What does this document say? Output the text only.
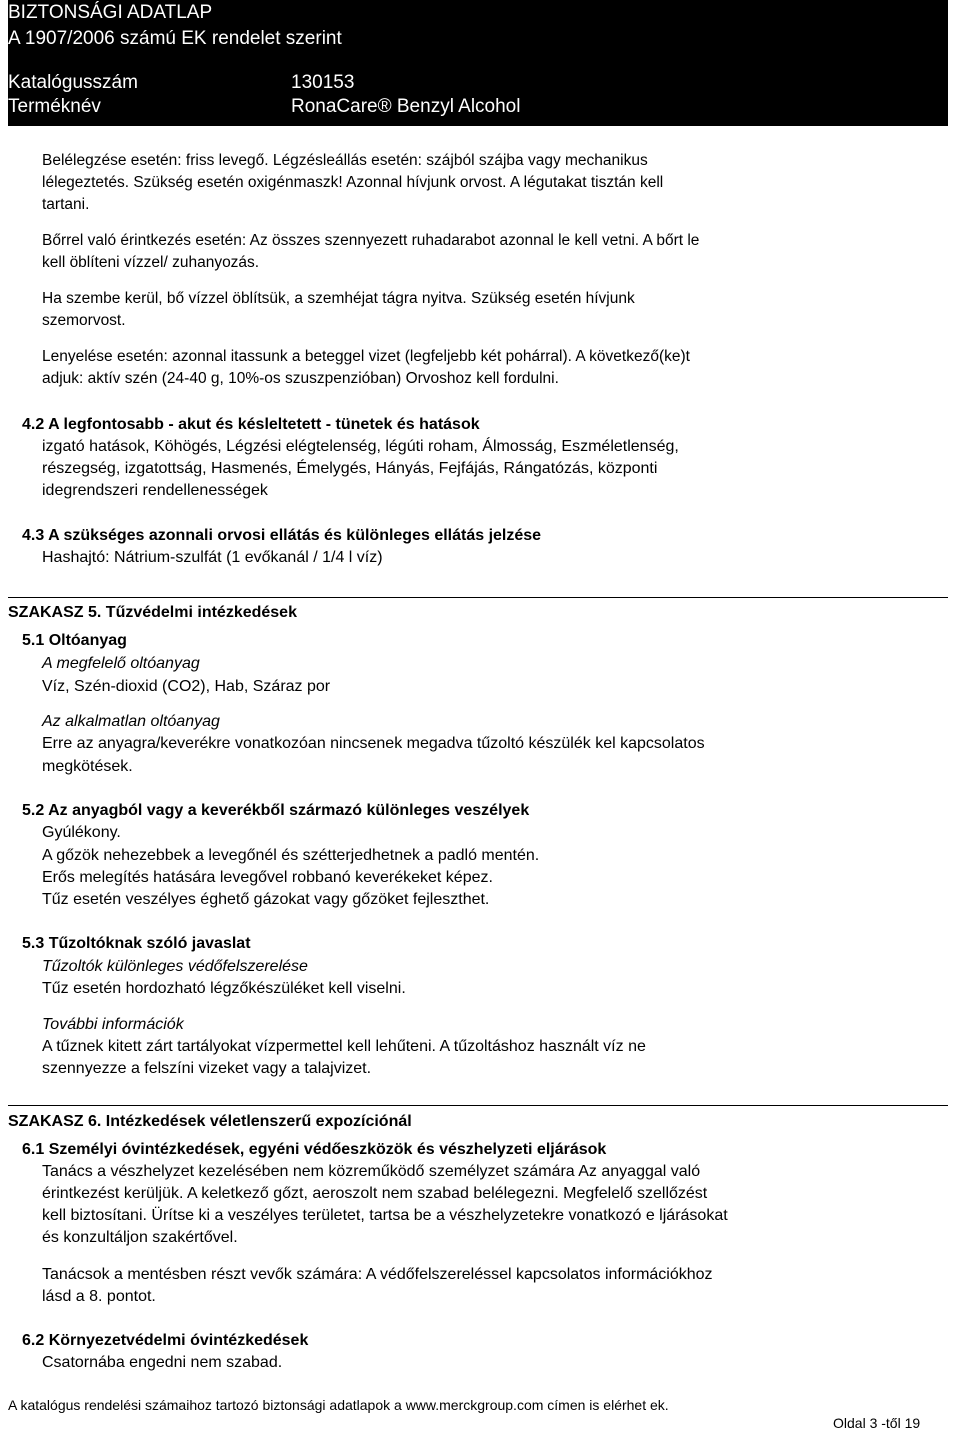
BIZTONSÁGI ADATLAP
A 1907/2006 számú EK rendelet szerint
Katalógusszám	130153
Terméknév	RonaCare® Benzyl Alcohol
Belélegzése esetén: friss levegő. Légzésleállás esetén: szájból szájba vagy mechanikus
lélegeztetés. Szükség esetén oxigénmaszk! Azonnal hívjunk orvost. A légutakat tisztán kell
tartani.
Bőrrel való érintkezés esetén: Az összes szennyezett ruhadarabot azonnal le kell vetni. A bőrt le
kell öblíteni vízzel/ zuhanyozás.
Ha szembe kerül, bő vízzel öblítsük, a szemhéjat tágra nyitva. Szükség esetén hívjunk
szemorvost.
Lenyelése esetén: azonnal itassunk a beteggel vizet (legfeljebb két pohárral). A következő(ke)t
adjuk: aktív szén (24-40 g, 10%-os szuszpenzióban) Orvoshoz kell fordulni.
4.2 A legfontosabb - akut és késleltetett - tünetek és hatások
izgató hatások, Köhögés, Légzési elégtelenség, légúti roham, Álmosság, Eszméletlenség,
részegség, izgatottság, Hasmenés, Émelygés, Hányás, Fejfájás, Rángatózás, központi
idegrendszeri rendellenességek
4.3 A szükséges azonnali orvosi ellátás és különleges ellátás jelzése
Hashajtó: Nátrium-szulfát (1 evőkanál / 1/4 l víz)
SZAKASZ 5. Tűzvédelmi intézkedések
5.1 Oltóanyag
A megfelelő oltóanyag
Víz, Szén-dioxid (CO2), Hab, Száraz por
Az alkalmatlan oltóanyag
Erre az anyagra/keverékre vonatkozóan nincsenek megadva tűzoltó készülék kel kapcsolatos
megkötések.
5.2 Az anyagból vagy a keverékből származó különleges veszélyek
Gyúlékony.
A gőzök nehezebbek a levegőnél és szétterjedhetnek a padló mentén.
Erős melegítés hatására levegővel robbanó keverékeket képez.
Tűz esetén veszélyes éghető gázokat vagy gőzöket fejleszthet.
5.3 Tűzoltóknak szóló javaslat
Tűzoltók különleges védőfelszerelése
Tűz esetén hordozható légzőkészüléket kell viselni.
További információk
A tűznek kitett zárt tartályokat vízpermettel kell lehűteni. A tűzoltáshoz használt víz ne
szennyezze a felszíni vizeket vagy a talajvizet.
SZAKASZ 6. Intézkedések véletlenszerű expozíciónál
6.1 Személyi óvintézkedések, egyéni védőeszközök és vészhelyzeti eljárások
Tanács a vészhelyzet kezelésében nem közreműködő személyzet számára Az anyaggal való
érintkezést kerüljük. A keletkező gőzt, aeroszolt nem szabad belélegezni. Megfelelő szellőzést
kell biztosítani. Ürítse ki a veszélyes területet, tartsa be a vészhelyzetekre vonatkozó e ljárásokat
és konzultáljon szakértővel.
Tanácsok a mentésben részt vevők számára: A védőfelszereléssel kapcsolatos információkhoz
lásd a 8. pontot.
6.2 Környezetvédelmi óvintézkedések
Csatornába engedni nem szabad.
A katalógus rendelési számaihoz tartozó biztonsági adatlapok a www.merckgroup.com címen is elérhet ek.
Oldal 3 -től 19
